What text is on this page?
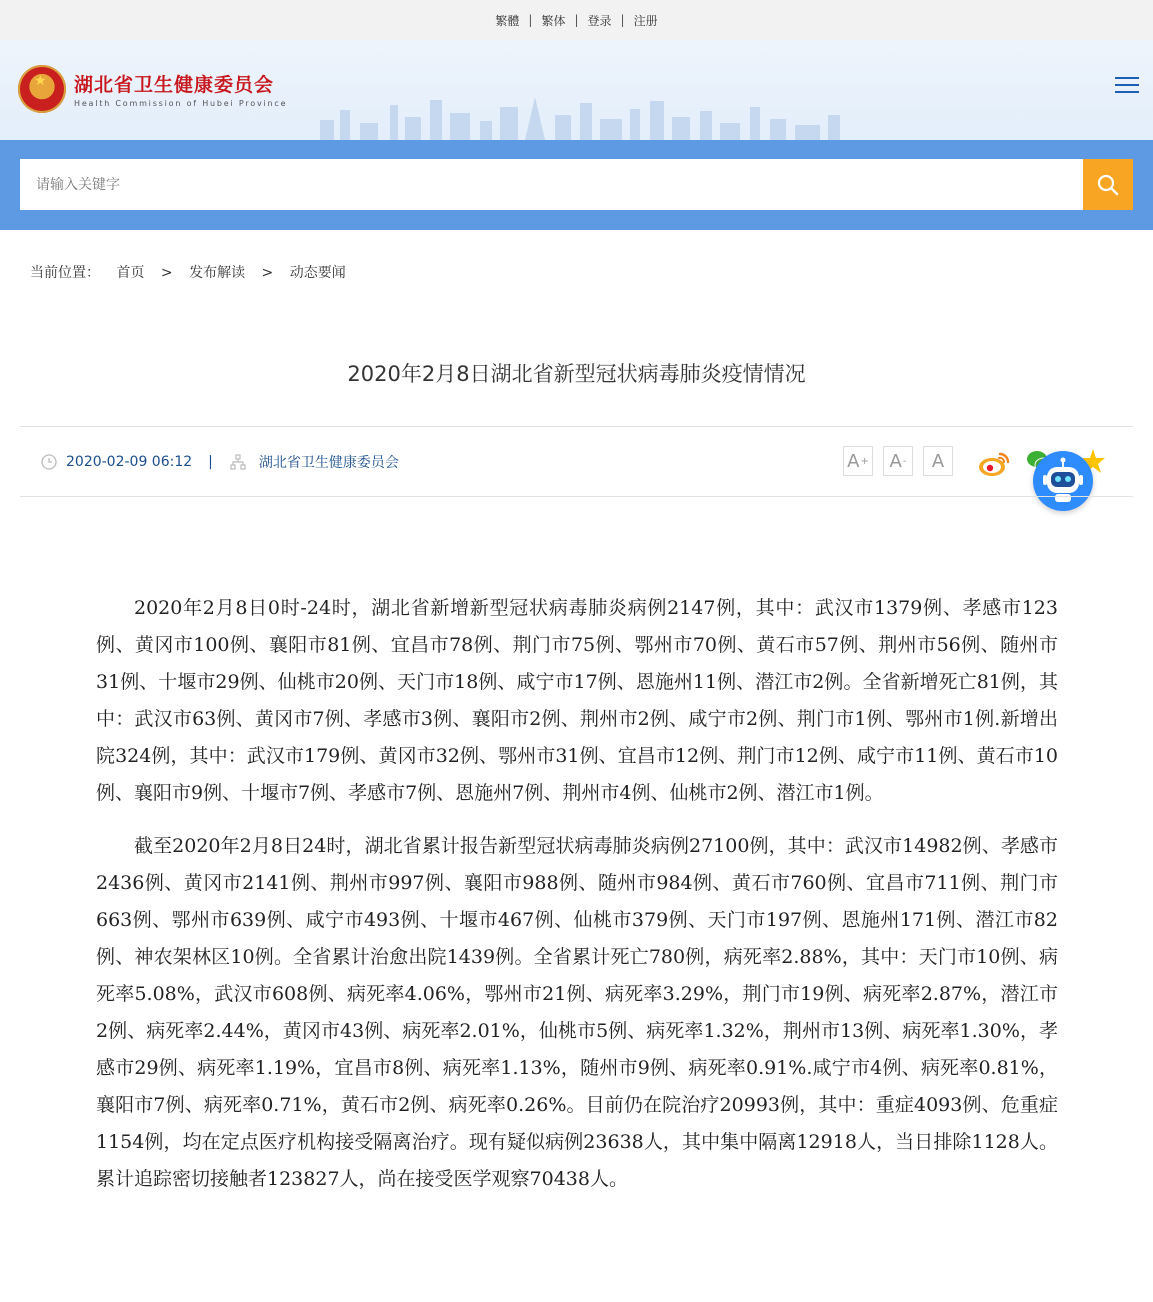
繁體 | 繁体 | 登录 | 注册
★
湖北省卫生健康委员会
Health Commission of Hubei Province
请输入关键字
当前位置： 首页 > 发布解读 > 动态要闻
2020年2月8日湖北省新型冠状病毒肺炎疫情情况
2020-02-09 06:12 |	湖北省卫生健康委员会	A + A - A

2020年2月8日0时-24时，湖北省新增新型冠状病毒肺炎病例2147例，其中：武汉市1379例、孝感市123例、黄冈市100例、襄阳市81例、宜昌市78例、荆门市75例、鄂州市70例、黄石市57例、荆州市56例、随州市31例、十堰市29例、仙桃市20例、天门市18例、咸宁市17例、恩施州11例、潜江市2例。全省新增死亡81例，其中：武汉市63例、黄冈市7例、孝感市3例、襄阳市2例、荆州市2例、咸宁市2例、荆门市1例、鄂州市1例.新增出院324例，其中：武汉市179例、黄冈市32例、鄂州市31例、宜昌市12例、荆门市12例、咸宁市11例、黄石市10例、襄阳市9例、十堰市7例、孝感市7例、恩施州7例、荆州市4例、仙桃市2例、潜江市1例。

截至2020年2月8日24时，湖北省累计报告新型冠状病毒肺炎病例27100例，其中：武汉市14982例、孝感市2436例、黄冈市2141例、荆州市997例、襄阳市988例、随州市984例、黄石市760例、宜昌市711例、荆门市663例、鄂州市639例、咸宁市493例、十堰市467例、仙桃市379例、天门市197例、恩施州171例、潜江市82例、神农架林区10例。全省累计治愈出院1439例。全省累计死亡780例，病死率2.88%，其中：天门市10例、病死率5.08%，武汉市608例、病死率4.06%，鄂州市21例、病死率3.29%，荆门市19例、病死率2.87%，潜江市2例、病死率2.44%，黄冈市43例、病死率2.01%，仙桃市5例、病死率1.32%，荆州市13例、病死率1.30%，孝感市29例、病死率1.19%，宜昌市8例、病死率1.13%，随州市9例、病死率0.91%.咸宁市4例、病死率0.81%，襄阳市7例、病死率0.71%，黄石市2例、病死率0.26%。目前仍在院治疗20993例，其中：重症4093例、危重症1154例，均在定点医疗机构接受隔离治疗。现有疑似病例23638人，其中集中隔离12918人，当日排除1128人。累计追踪密切接触者123827人，尚在接受医学观察70438人。
